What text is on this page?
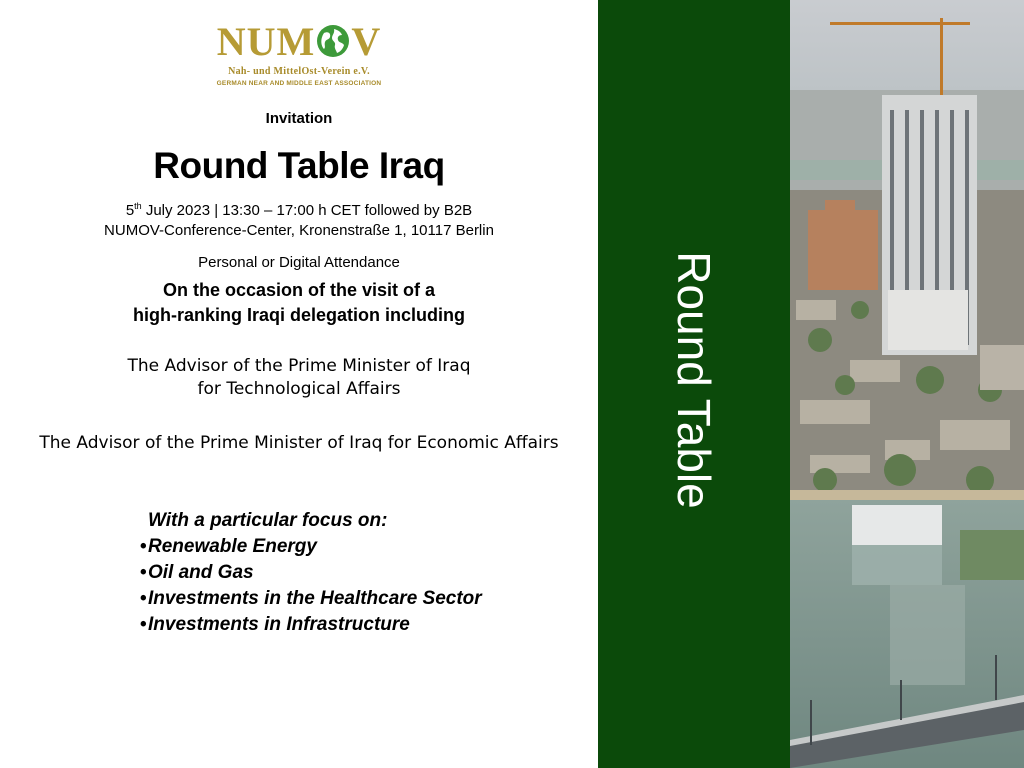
NUM V
Nah- und MittelOst-Verein e.V.
GERMAN NEAR AND MIDDLE EAST ASSOCIATION
Invitation
Round Table Iraq
5th July 2023 | 13:30 – 17:00 h CET followed by B2B
NUMOV-Conference-Center, Kronenstraße 1, 10117 Berlin
Personal or Digital Attendance
On the occasion of the visit of a
high-ranking Iraqi delegation including
The Advisor of the Prime Minister of Iraq
for Technological Affairs
The Advisor of the Prime Minister of Iraq for Economic Affairs
With a particular focus on:
•Renewable Energy
•Oil and Gas
•Investments in the Healthcare Sector
•Investments in Infrastructure
Round Table
